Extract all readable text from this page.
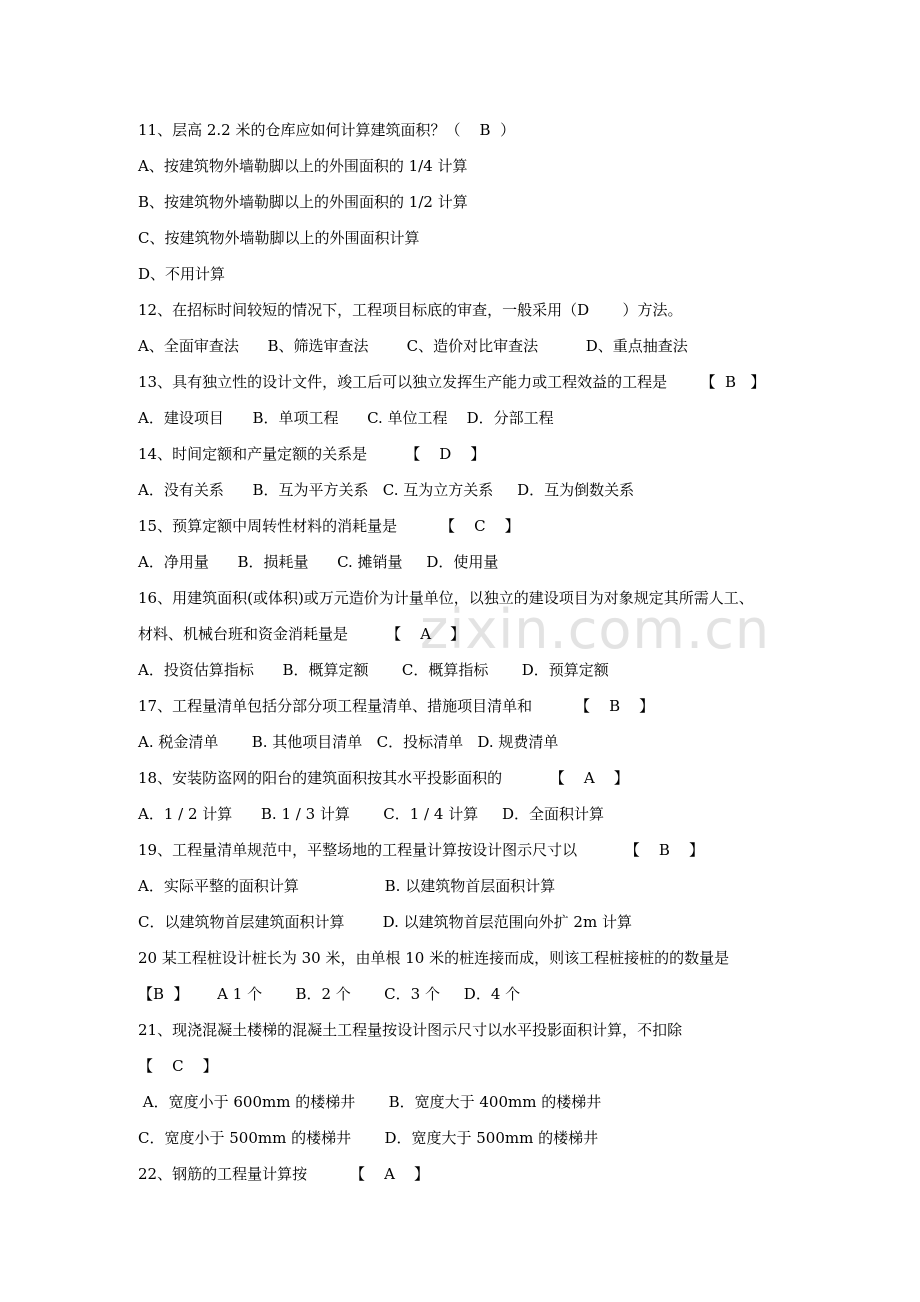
zixin.com.cn
11、层高 2.2 米的仓库应如何计算建筑面积？（    B  ）
A、按建筑物外墙勒脚以上的外围面积的 1/4 计算
B、按建筑物外墙勒脚以上的外围面积的 1/2 计算
C、按建筑物外墙勒脚以上的外围面积计算
D、不用计算
12、在招标时间较短的情况下，工程项目标底的审查，一般采用（D       ）方法。
A、全面审查法      B、筛选审查法        C、造价对比审查法          D、重点抽查法
13、具有独立性的设计文件，竣工后可以独立发挥生产能力或工程效益的工程是       【  B   】
A．建设项目      B．单项工程      C. 单位工程    D．分部工程
14、时间定额和产量定额的关系是        【    D    】
A．没有关系      B．互为平方关系   C. 互为立方关系     D．互为倒数关系
15、预算定额中周转性材料的消耗量是         【    C    】
A．净用量      B．损耗量      C. 摊销量     D．使用量
16、用建筑面积(或体积)或万元造价为计量单位，以独立的建设项目为对象规定其所需人工、
材料、机械台班和资金消耗量是        【    A    】
A．投资估算指标      B．概算定额       C．概算指标       D．预算定额
17、工程量清单包括分部分项工程量清单、措施项目清单和         【    B    】
A. 税金清单       B. 其他项目清单   C．投标清单   D. 规费清单
18、安装防盗网的阳台的建筑面积按其水平投影面积的          【    A    】
A．1 / 2 计算      B. 1 / 3 计算       C．1 / 4 计算     D．全面积计算
19、工程量清单规范中，平整场地的工程量计算按设计图示尺寸以          【    B    】
A．实际平整的面积计算                  B. 以建筑物首层面积计算
C．以建筑物首层建筑面积计算        D. 以建筑物首层范围向外扩 2m 计算
20 某工程桩设计桩长为 30 米，由单根 10 米的桩连接而成，则该工程桩接桩的的数量是
【B  】      A 1 个       B．2 个       C．3 个     D．4 个
21、现浇混凝土楼梯的混凝土工程量按设计图示尺寸以水平投影面积计算，不扣除
【    C    】
A．宽度小于 600mm 的楼梯井       B．宽度大于 400mm 的楼梯井
C．宽度小于 500mm 的楼梯井       D．宽度大于 500mm 的楼梯井
22、钢筋的工程量计算按         【    A    】
